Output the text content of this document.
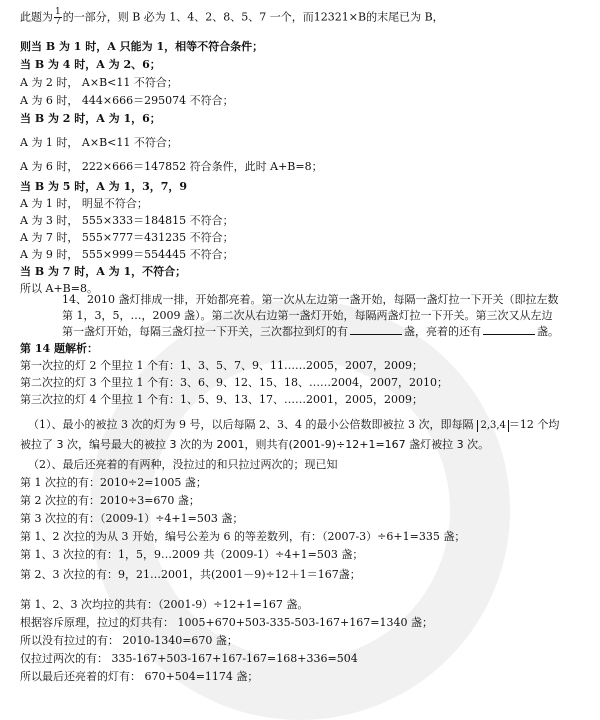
此题为 $\frac{1}{7}$ 的一部分，则 B 必为 1、4、2、8、5、7 一个，而12321×B的末尾已为 B，
则当 B 为 1 时，A 只能为 1，相等不符合条件；
当 B 为 4 时，A 为 2、6；
A 为 2 时， A×B<11 不符合；
A 为 6 时， 444×666＝295074 不符合；
当 B 为 2 时，A 为 1，6；
A 为 1 时， A×B<11 不符合；
A 为 6 时， 222×666＝147852 符合条件，此时 A+B=8；
当 B 为 5 时，A 为 1，3，7，9
A 为 1 时， 明显不符合；
A 为 3 时， 555×333＝184815 不符合；
A 为 7 时， 555×777＝431235 不符合；
A 为 9 时， 555×999＝554445 不符合；
当 B 为 7 时，A 为 1，不符合；
所以 A+B=8。
14、2010 盏灯排成一排，开始都亮着。第一次从左边第一盏开始，每隔一盏灯拉一下开关（即拉左数第 1，3，5，…，2009 盏）。第二次从右边第一盏灯开始，每隔两盏灯拉一下开关。第三次又从左边第一盏灯开始，每隔三盏灯拉一下开关，三次都拉到灯的有	盏，亮着的还有	盏。
第 14 题解析：
第一次拉的灯 2 个里拉 1 个有：1、3、5、7、9、11……2005，2007，2009；
第二次拉的灯 3 个里拉 1 个有：3、6、9、12、15、18、……2004，2007，2010；
第三次拉的灯 4 个里拉 1 个有：1、5、9、13、17、……2001，2005，2009；
（1）、最小的被拉 3 次的灯为 9 号，以后每隔 2、3、4 的最小公倍数即被拉 3 次，即每隔 2,3,4 ＝12 个均
被拉了 3 次，编号最大的被拉 3 次的为 2001，则共有(2001-9)÷12+1=167 盏灯被拉 3 次。
（2）、最后还亮着的有两种，没拉过的和只拉过两次的；现已知
第 1 次拉的有：2010÷2=1005 盏；
第 2 次拉的有：2010÷3=670 盏；
第 3 次拉的有：（2009-1）÷4+1=503 盏；
第 1、2 次拉的为从 3 开始，编号公差为 6 的等差数列，有：（2007-3）÷6+1=335 盏；
第 1、3 次拉的有：1，5，9…2009 共（2009-1）÷4+1=503 盏；
第 2、3 次拉的有：9，21…2001，共(2001－9)÷12＋1＝167盏；
第 1、2、3 次均拉的共有：（2001-9）÷12+1=167 盏。
根据容斥原理，拉过的灯共有： 1005+670+503-335-503-167+167=1340 盏；
所以没有拉过的有： 2010-1340=670 盏；
仅拉过两次的有： 335-167+503-167+167-167=168+336=504
所以最后还亮着的灯有： 670+504=1174 盏；
